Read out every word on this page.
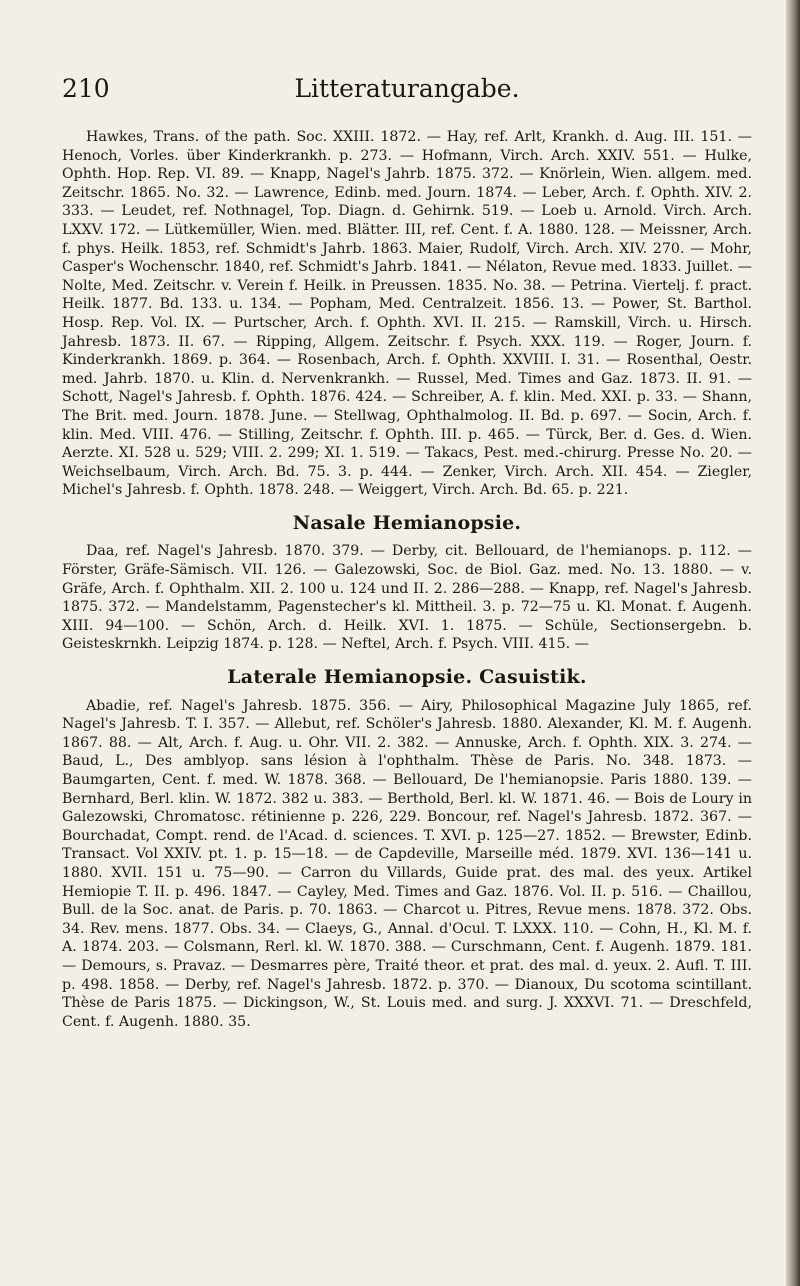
210	Litteraturangabe.

Hawkes, Trans. of the path. Soc. XXIII. 1872. — Hay, ref. Arlt, Krankh. d. Aug. III. 151. — Henoch, Vorles. über Kinderkrankh. p. 273. — Hofmann, Virch. Arch. XXIV. 551. — Hulke, Ophth. Hop. Rep. VI. 89. — Knapp, Nagel's Jahrb. 1875. 372. — Knörlein, Wien. allgem. med. Zeitschr. 1865. No. 32. — Lawrence, Edinb. med. Journ. 1874. — Leber, Arch. f. Ophth. XIV. 2. 333. — Leudet, ref. Nothnagel, Top. Diagn. d. Gehirnk. 519. — Loeb u. Arnold. Virch. Arch. LXXV. 172. — Lütkemüller, Wien. med. Blätter. III, ref. Cent. f. A. 1880. 128. — Meissner, Arch. f. phys. Heilk. 1853, ref. Schmidt's Jahrb. 1863. Maier, Rudolf, Virch. Arch. XIV. 270. — Mohr, Casper's Wochenschr. 1840, ref. Schmidt's Jahrb. 1841. — Nélaton, Revue med. 1833. Juillet. — Nolte, Med. Zeitschr. v. Verein f. Heilk. in Preussen. 1835. No. 38. — Petrina. Viertelj. f. pract. Heilk. 1877. Bd. 133. u. 134. — Popham, Med. Centralzeit. 1856. 13. — Power, St. Barthol. Hosp. Rep. Vol. IX. — Purtscher, Arch. f. Ophth. XVI. II. 215. — Ramskill, Virch. u. Hirsch. Jahresb. 1873. II. 67. — Ripping, Allgem. Zeitschr. f. Psych. XXX. 119. — Roger, Journ. f. Kinderkrankh. 1869. p. 364. — Rosenbach, Arch. f. Ophth. XXVIII. I. 31. — Rosenthal, Oestr. med. Jahrb. 1870. u. Klin. d. Nervenkrankh. — Russel, Med. Times and Gaz. 1873. II. 91. — Schott, Nagel's Jahresb. f. Ophth. 1876. 424. — Schreiber, A. f. klin. Med. XXI. p. 33. — Shann, The Brit. med. Journ. 1878. June. — Stellwag, Ophthalmolog. II. Bd. p. 697. — Socin, Arch. f. klin. Med. VIII. 476. — Stilling, Zeitschr. f. Ophth. III. p. 465. — Türck, Ber. d. Ges. d. Wien. Aerzte. XI. 528 u. 529; VIII. 2. 299; XI. 1. 519. — Takacs, Pest. med.-chirurg. Presse No. 20. — Weichselbaum, Virch. Arch. Bd. 75. 3. p. 444. — Zenker, Virch. Arch. XII. 454. — Ziegler, Michel's Jahresb. f. Ophth. 1878. 248. — Weiggert, Virch. Arch. Bd. 65. p. 221.

Nasale Hemianopsie.

Daa, ref. Nagel's Jahresb. 1870. 379. — Derby, cit. Bellouard, de l'hemianops. p. 112. — Förster, Gräfe-Sämisch. VII. 126. — Galezowski, Soc. de Biol. Gaz. med. No. 13. 1880. — v. Gräfe, Arch. f. Ophthalm. XII. 2. 100 u. 124 und II. 2. 286—288. — Knapp, ref. Nagel's Jahresb. 1875. 372. — Mandelstamm, Pagenstecher's kl. Mittheil. 3. p. 72—75 u. Kl. Monat. f. Augenh. XIII. 94—100. — Schön, Arch. d. Heilk. XVI. 1. 1875. — Schüle, Sectionsergebn. b. Geisteskrnkh. Leipzig 1874. p. 128. — Neftel, Arch. f. Psych. VIII. 415. —

Laterale Hemianopsie. Casuistik.

Abadie, ref. Nagel's Jahresb. 1875. 356. — Airy, Philosophical Magazine July 1865, ref. Nagel's Jahresb. T. I. 357. — Allebut, ref. Schöler's Jahresb. 1880. Alexander, Kl. M. f. Augenh. 1867. 88. — Alt, Arch. f. Aug. u. Ohr. VII. 2. 382. — Annuske, Arch. f. Ophth. XIX. 3. 274. — Baud, L., Des amblyop. sans lésion à l'ophthalm. Thèse de Paris. No. 348. 1873. — Baumgarten, Cent. f. med. W. 1878. 368. — Bellouard, De l'hemianopsie. Paris 1880. 139. — Bernhard, Berl. klin. W. 1872. 382 u. 383. — Berthold, Berl. kl. W. 1871. 46. — Bois de Loury in Galezowski, Chromatosc. rétinienne p. 226, 229. Boncour, ref. Nagel's Jahresb. 1872. 367. — Bourchadat, Compt. rend. de l'Acad. d. sciences. T. XVI. p. 125—27. 1852. — Brewster, Edinb. Transact. Vol XXIV. pt. 1. p. 15—18. — de Capdeville, Marseille méd. 1879. XVI. 136—141 u. 1880. XVII. 151 u. 75—90. — Carron du Villards, Guide prat. des mal. des yeux. Artikel Hemiopie T. II. p. 496. 1847. — Cayley, Med. Times and Gaz. 1876. Vol. II. p. 516. — Chaillou, Bull. de la Soc. anat. de Paris. p. 70. 1863. — Charcot u. Pitres, Revue mens. 1878. 372. Obs. 34. Rev. mens. 1877. Obs. 34. — Claeys, G., Annal. d'Ocul. T. LXXX. 110. — Cohn, H., Kl. M. f. A. 1874. 203. — Colsmann, Rerl. kl. W. 1870. 388. — Curschmann, Cent. f. Augenh. 1879. 181. — Demours, s. Pravaz. — Desmarres père, Traité theor. et prat. des mal. d. yeux. 2. Aufl. T. III. p. 498. 1858. — Derby, ref. Nagel's Jahresb. 1872. p. 370. — Dianoux, Du scotoma scintillant. Thèse de Paris 1875. — Dickingson, W., St. Louis med. and surg. J. XXXVI. 71. — Dreschfeld, Cent. f. Augenh. 1880. 35.
